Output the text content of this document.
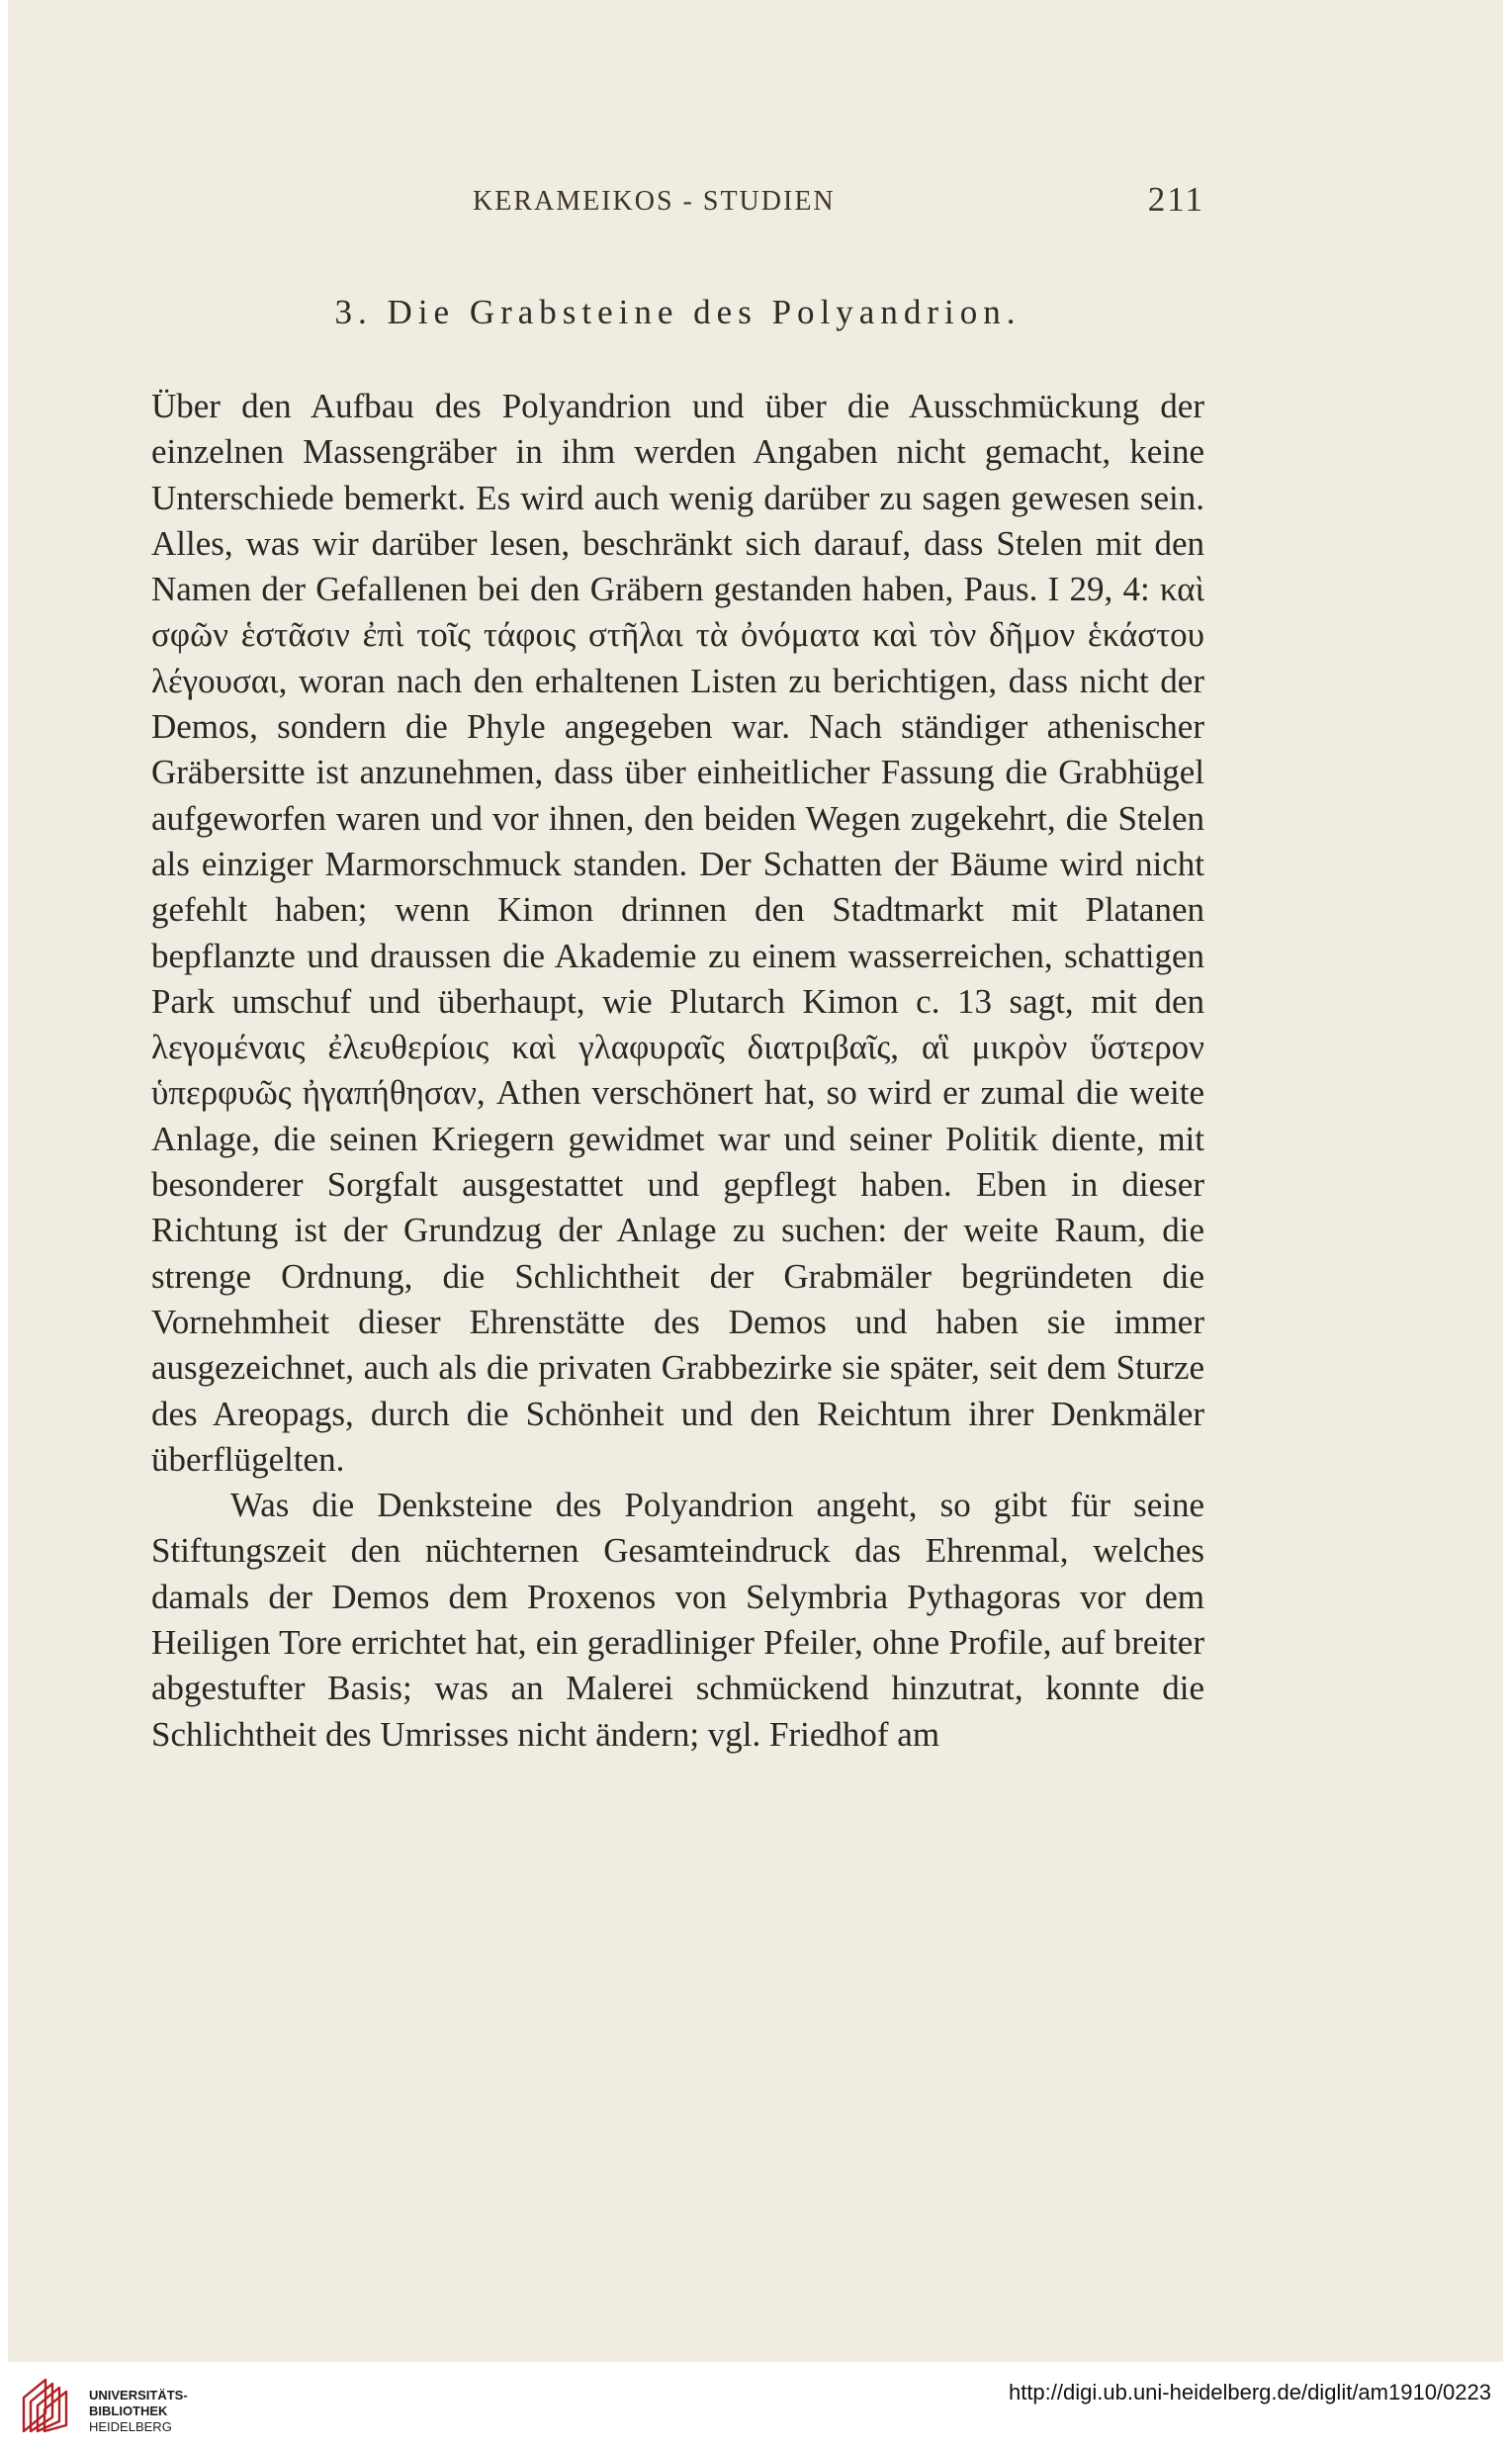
KERAMEIKOS - STUDIEN	211
3. Die Grabsteine des Polyandrion.

Über den Aufbau des Polyandrion und über die Ausschmückung der einzelnen Massengräber in ihm werden Angaben nicht gemacht, keine Unterschiede bemerkt. Es wird auch wenig darüber zu sagen gewesen sein. Alles, was wir darüber lesen, beschränkt sich darauf, dass Stelen mit den Namen der Gefallenen bei den Gräbern gestanden haben, Paus. I 29, 4: καὶ σφῶν ἑστᾶσιν ἐπὶ τοῖς τάφοις στῆλαι τὰ ὀνόματα καὶ τὸν δῆμον ἑκάστου λέγουσαι, woran nach den erhaltenen Listen zu berichtigen, dass nicht der Demos, sondern die Phyle angegeben war. Nach ständiger athenischer Gräbersitte ist anzunehmen, dass über einheitlicher Fassung die Grabhügel aufgeworfen waren und vor ihnen, den beiden Wegen zugekehrt, die Stelen als einziger Marmorschmuck standen. Der Schatten der Bäume wird nicht gefehlt haben; wenn Kimon drinnen den Stadtmarkt mit Platanen bepflanzte und draussen die Akademie zu einem wasserreichen, schattigen Park umschuf und überhaupt, wie Plutarch Kimon c. 13 sagt, mit den λεγομέναις ἐλευθερίοις καὶ γλαφυραῖς διατριβαῖς, αἳ μικρὸν ὕστερον ὑπερφυῶς ἠγαπήθησαν, Athen verschönert hat, so wird er zumal die weite Anlage, die seinen Kriegern gewidmet war und seiner Politik diente, mit besonderer Sorgfalt ausgestattet und gepflegt haben. Eben in dieser Richtung ist der Grundzug der Anlage zu suchen: der weite Raum, die strenge Ordnung, die Schlichtheit der Grabmäler begründeten die Vornehmheit dieser Ehrenstätte des Demos und haben sie immer ausgezeichnet, auch als die privaten Grabbezirke sie später, seit dem Sturze des Areopags, durch die Schönheit und den Reichtum ihrer Denkmäler überflügelten.

Was die Denksteine des Polyandrion angeht, so gibt für seine Stiftungszeit den nüchternen Gesamteindruck das Ehrenmal, welches damals der Demos dem Proxenos von Selymbria Pythagoras vor dem Heiligen Tore errichtet hat, ein geradliniger Pfeiler, ohne Profile, auf breiter abgestufter Basis; was an Malerei schmückend hinzutrat, konnte die Schlichtheit des Umrisses nicht ändern; vgl. Friedhof am

UNIVERSITÄTS-
BIBLIOTHEK
HEIDELBERG
http://digi.ub.uni-heidelberg.de/diglit/am1910/0223
